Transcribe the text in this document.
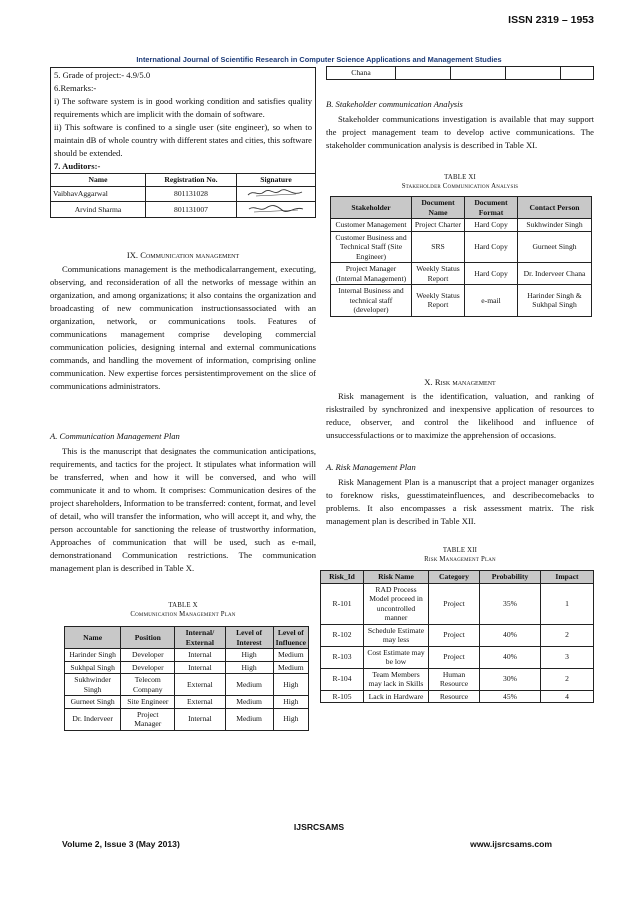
ISSN 2319 – 1953
International Journal of Scientific Research in Computer Science Applications and Management Studies

5. Grade of project:- 4.9/5.0

6.Remarks:-

i) The software system is in good working condition and satisfies quality requirements which are implicit with the domain of software.

ii) This software is confined to a single user (site engineer), so when to maintain dB of whole country with different states and cities, this software should be extended.

7. Auditors:-

Name	Registration No.	Signature
VaibhavAggarwal	801131028	

Arvind Sharma	801131007	
IX. Communication management

Communications management is the methodicalarrangement, executing, observing, and reconsideration of all the networks of message within an organization, and among organizations; it also contains the organization and broadcasting of new communication instructionsassociated with an organization, network, or communications tools. Features of communications management comprise developing commercial communication policies, designing internal and external communications commands, and handling the movement of information, comprising online communication. New expertise forces persistentimprovement on the slice of communications administrators.

A. Communication Management Plan

This is the manuscript that designates the communication anticipations, requirements, and tactics for the project. It stipulates what information will be transferred, when and how it will be conversed, and who will communicate it and to whom. It comprises: Communication desires of the project shareholders, Information to be transferred: content, format, and level of detail, who will transfer the information, who will accept it, and why, the person accountable for sanctioning the release of trustworthy information, Approaches of communication that will be used, such as e-mail, demonstrationand Communication restrictions. The communication management plan is described in Table X.

TABLE X
Communication Management Plan
Name	Position	Internal/ External	Level of Interest	Level of Influence
Harinder Singh	Developer	Internal	High	Medium
Sukhpal Singh	Developer	Internal	High	Medium
Sukhwinder Singh	Telecom Company	External	Medium	High
Gurneet Singh	Site Engineer	External	Medium	High
Dr. Inderveer	Project Manager	Internal	Medium	High
Chana				

B. Stakeholder communication Analysis

Stakeholder communications investigation is available that may support the project management team to develop active communications. The stakeholder communication analysis is described in Table XI.

TABLE XI
Stakeholder Communication Analysis
Stakeholder	Document Name	Document Format	Contact Person
Customer Management	Project Charter	Hard Copy	Sukhwinder Singh
Customer Business and Technical Staff (Site Engineer)	SRS	Hard Copy	Gurneet Singh
Project Manager (Internal Management)	Weekly Status Report	Hard Copy	Dr. Inderveer Chana
Internal Business and technical staff (developer)	Weekly Status Report	e-mail	Harinder Singh & Sukhpal Singh
X. Risk management

Risk management is the identification, valuation, and ranking of riskstrailed by synchronized and inexpensive application of resources to reduce, observer, and control the likelihood and influence of unsuccessfulactions or to maximize the apprehension of occasions.

A. Risk Management Plan

Risk Management Plan is a manuscript that a project manager organizes to foreknow risks, guesstimateinfluences, and describecomebacks to problems. It also encompasses a risk assessment matrix. The risk management plan is described in Table XII.

TABLE XII
Risk Management Plan
Risk_Id	Risk Name	Category	Probability	Impact
R-101	RAD Process Model proceed in uncontrolled manner	Project	35%	1
R-102	Schedule Estimate may less	Project	40%	2
R-103	Cost Estimate may be low	Project	40%	3
R-104	Team Members may lack in Skills	Human Resource	30%	2
R-105	Lack in Hardware	Resource	45%	4
IJSRCSAMS
Volume 2, Issue 3 (May 2013)	www.ijsrcsams.com
